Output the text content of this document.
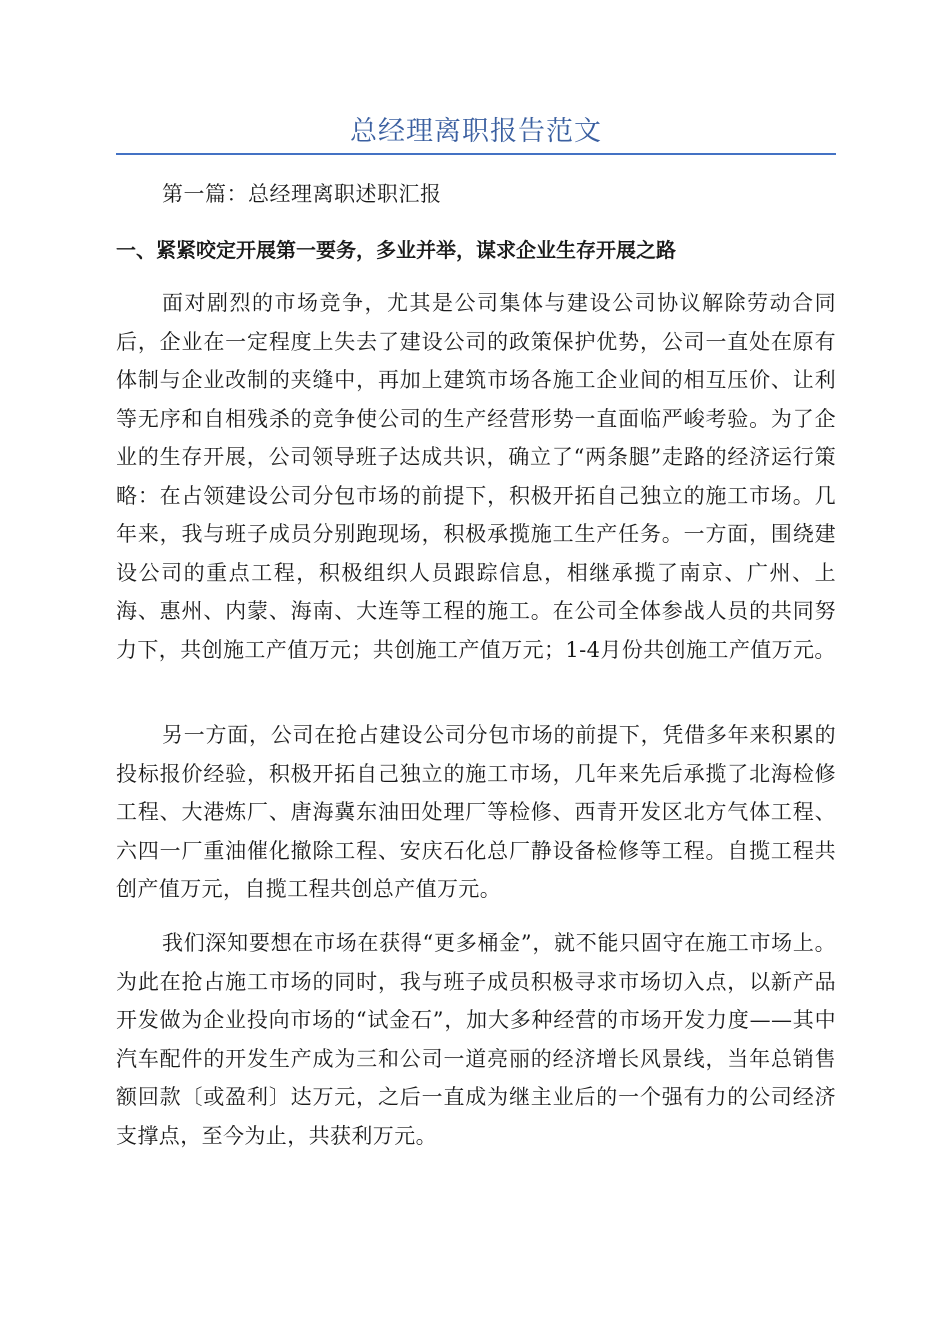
总经理离职报告范文
第一篇：总经理离职述职汇报
一、紧紧咬定开展第一要务，多业并举，谋求企业生存开展之路

面对剧烈的市场竞争，尤其是公司集体与建设公司协议解除劳动合同后，企业在一定程度上失去了建设公司的政策保护优势，公司一直处在原有体制与企业改制的夹缝中，再加上建筑市场各施工企业间的相互压价、让利等无序和自相残杀的竞争使公司的生产经营形势一直面临严峻考验。为了企业的生存开展，公司领导班子达成共识，确立了“两条腿”走路的经济运行策略：在占领建设公司分包市场的前提下，积极开拓自己独立的施工市场。几年来，我与班子成员分别跑现场，积极承揽施工生产任务。一方面，围绕建设公司的重点工程，积极组织人员跟踪信息，相继承揽了南京、广州、上海、惠州、内蒙、海南、大连等工程的施工。在公司全体参战人员的共同努力下，共创施工产值万元；共创施工产值万元；1-4月份共创施工产值万元。

另一方面，公司在抢占建设公司分包市场的前提下，凭借多年来积累的投标报价经验，积极开拓自己独立的施工市场，几年来先后承揽了北海检修工程、大港炼厂、唐海冀东油田处理厂等检修、西青开发区北方气体工程、六四一厂重油催化撤除工程、安庆石化总厂静设备检修等工程。自揽工程共创产值万元，自揽工程共创总产值万元。

我们深知要想在市场在获得“更多桶金”，就不能只固守在施工市场上。为此在抢占施工市场的同时，我与班子成员积极寻求市场切入点，以新产品开发做为企业投向市场的“试金石”，加大多种经营的市场开发力度——其中汽车配件的开发生产成为三和公司一道亮丽的经济增长风景线，当年总销售额回款〔或盈利〕达万元，之后一直成为继主业后的一个强有力的公司经济支撑点，至今为止，共获利万元。
